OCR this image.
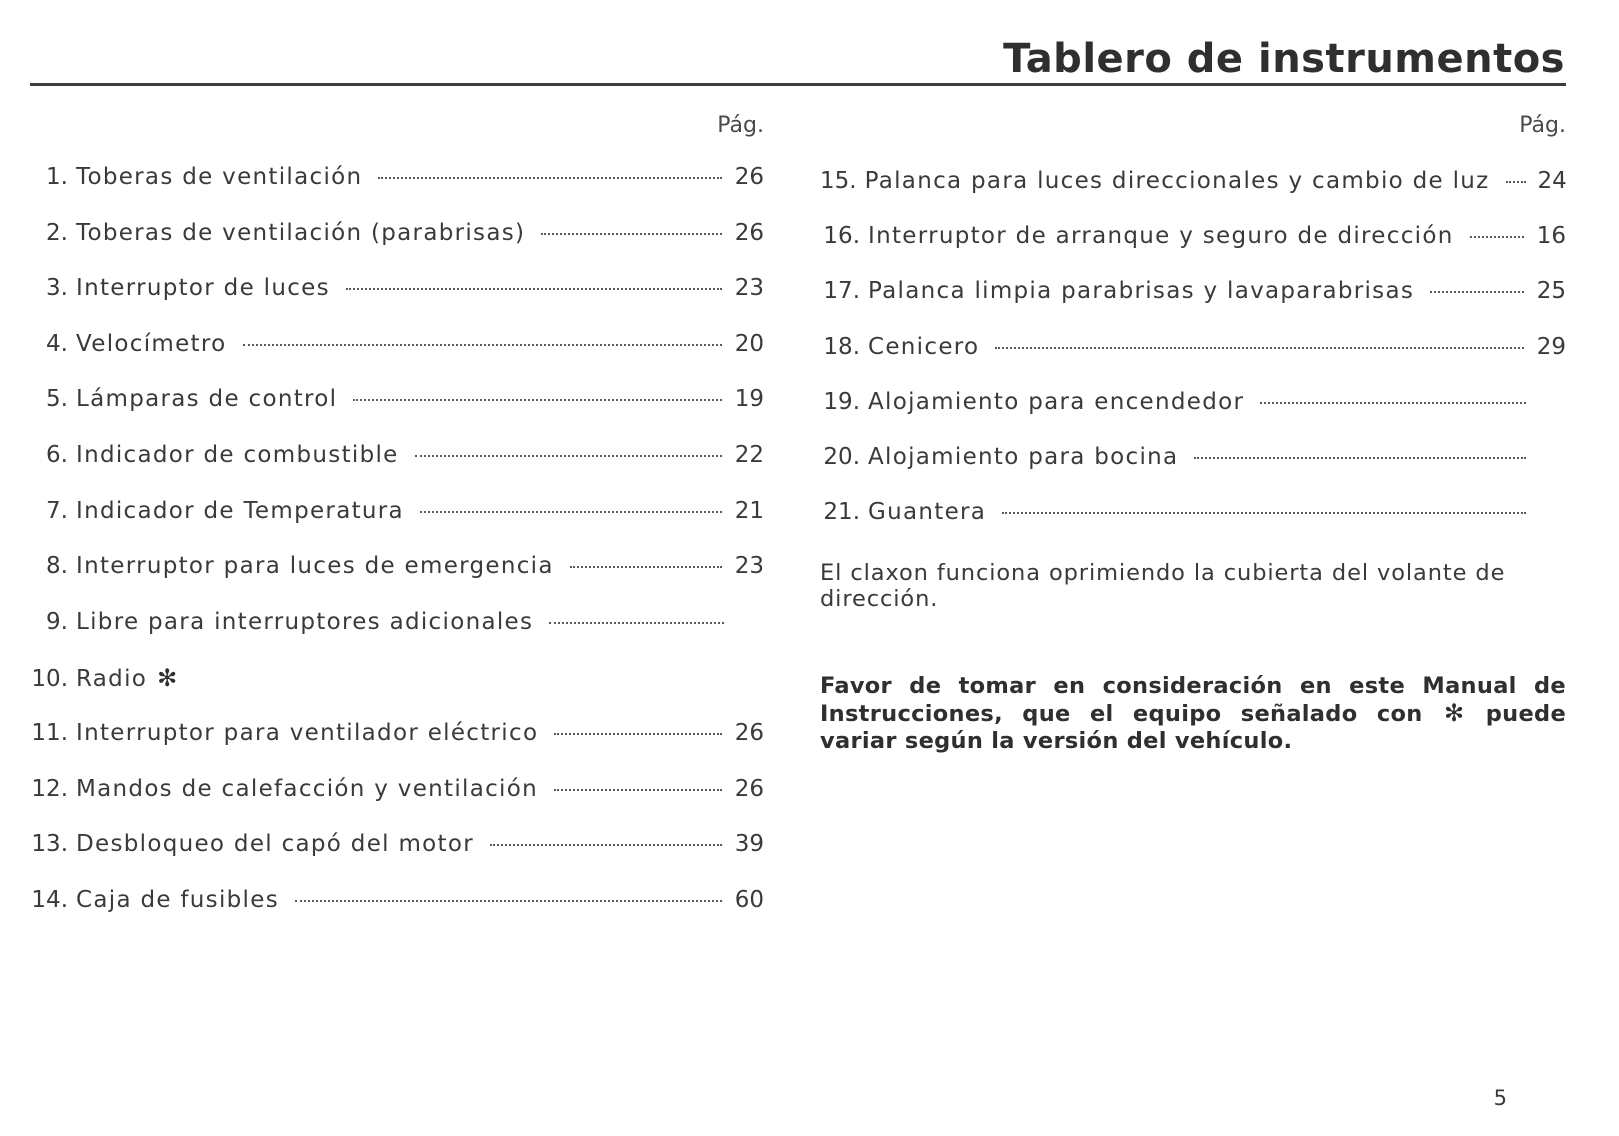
Tablero de instrumentos
Pág.
1. Toberas de ventilación	26
2. Toberas de ventilación (parabrisas)	26
3. Interruptor de luces	23
4. Velocímetro	20
5. Lámparas de control	19
6. Indicador de combustible	22
7. Indicador de Temperatura	21
8. Interruptor para luces de emergencia	23
9. Libre para interruptores adicionales
10. Radio ✻
11. Interruptor para ventilador eléctrico	26
12. Mandos de calefacción y ventilación	26
13. Desbloqueo del capó del motor	39
14. Caja de fusibles	60
Pág.
15. Palanca para luces direccionales y cambio de luz 24
16. Interruptor de arranque y seguro de dirección	16
17. Palanca limpia parabrisas y lavaparabrisas	25
18. Cenicero	29
19. Alojamiento para encendedor
20. Alojamiento para bocina
21. Guantera

El claxon funciona oprimiendo la cubierta del volante de dirección.

Favor de tomar en consideración en este Manual de Instrucciones, que el equipo señalado con ✻ puede variar según la versión del vehículo.

5
